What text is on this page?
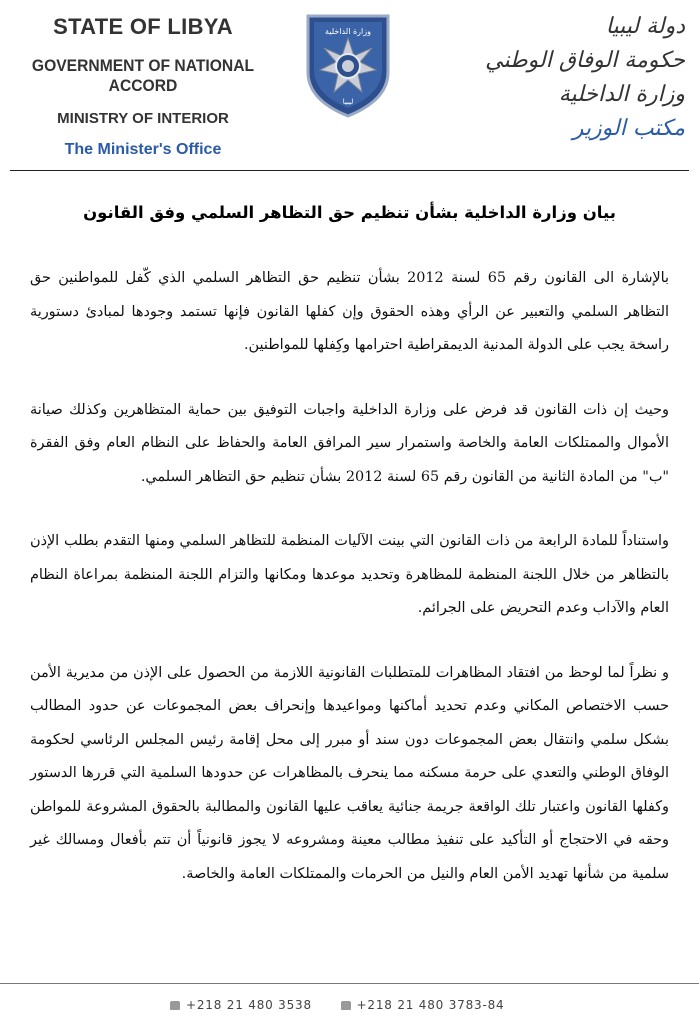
STATE OF LIBYA
GOVERNMENT OF NATIONAL ACCORD
MINISTRY OF INTERIOR
The Minister's Office
وزارة الداخلية
ليبيا
دولة ليبيا
حكومة الوفاق الوطني
وزارة الداخلية
مكتب الوزير
بيان وزارة الداخلية بشأن تنظيم حق التظاهر السلمي وفق القانون

بالإشارة الى القانون رقم 65 لسنة 2012 بشأن تنظيم حق التظاهر السلمي الذي كّفل للمواطنين حق التظاهر السلمي والتعبير عن الرأي وهذه الحقوق وإن كفلها القانون فإنها تستمد وجودها لمبادئ دستورية راسخة يجب على الدولة المدنية الديمقراطية احترامها وكِفلها للمواطنين.

وحيث إن ذات القانون قد فرض على وزارة الداخلية واجبات التوفيق بين حماية المتظاهرين وكذلك صيانة الأموال والممتلكات العامة والخاصة واستمرار سير المرافق العامة والحفاظ على النظام العام وفق الفقرة "ب" من المادة الثانية من القانون رقم 65 لسنة 2012 بشأن تنظيم حق التظاهر السلمي.

واستناداً للمادة الرابعة من ذات القانون التي بينت الآليات المنظمة للتظاهر السلمي ومنها التقدم بطلب الإذن بالتظاهر من خلال اللجنة المنظمة للمظاهرة وتحديد موعدها ومكانها والتزام اللجنة المنظمة بمراعاة النظام العام والآداب وعدم التحريض على الجرائم.

و نظراً لما لوحظ من افتقاد المظاهرات للمتطلبات القانونية اللازمة من الحصول على الإذن من مديرية الأمن حسب الاختصاص المكاني وعدم تحديد أماكنها ومواعيدها وإنحراف بعض المجموعات عن حدود المطالب بشكل سلمي وانتقال بعض المجموعات دون سند أو مبرر إلى محل إقامة رئيس المجلس الرئاسي لحكومة الوفاق الوطني والتعدي على حرمة مسكنه مما ينحرف بالمظاهرات عن حدودها السلمية التي قررها الدستور وكفلها القانون واعتبار تلك الواقعة جريمة جنائية يعاقب عليها القانون والمطالبة بالحقوق المشروعة للمواطن وحقه في الاحتجاج أو التأكيد على تنفيذ مطالب معينة ومشروعه لا يجوز قانونياً أن تتم بأفعال ومسالك غير سلمية من شأنها تهديد الأمن العام والنيل من الحرمات والممتلكات العامة والخاصة.

+218 21 480 3538	+218 21 480 3783-84
